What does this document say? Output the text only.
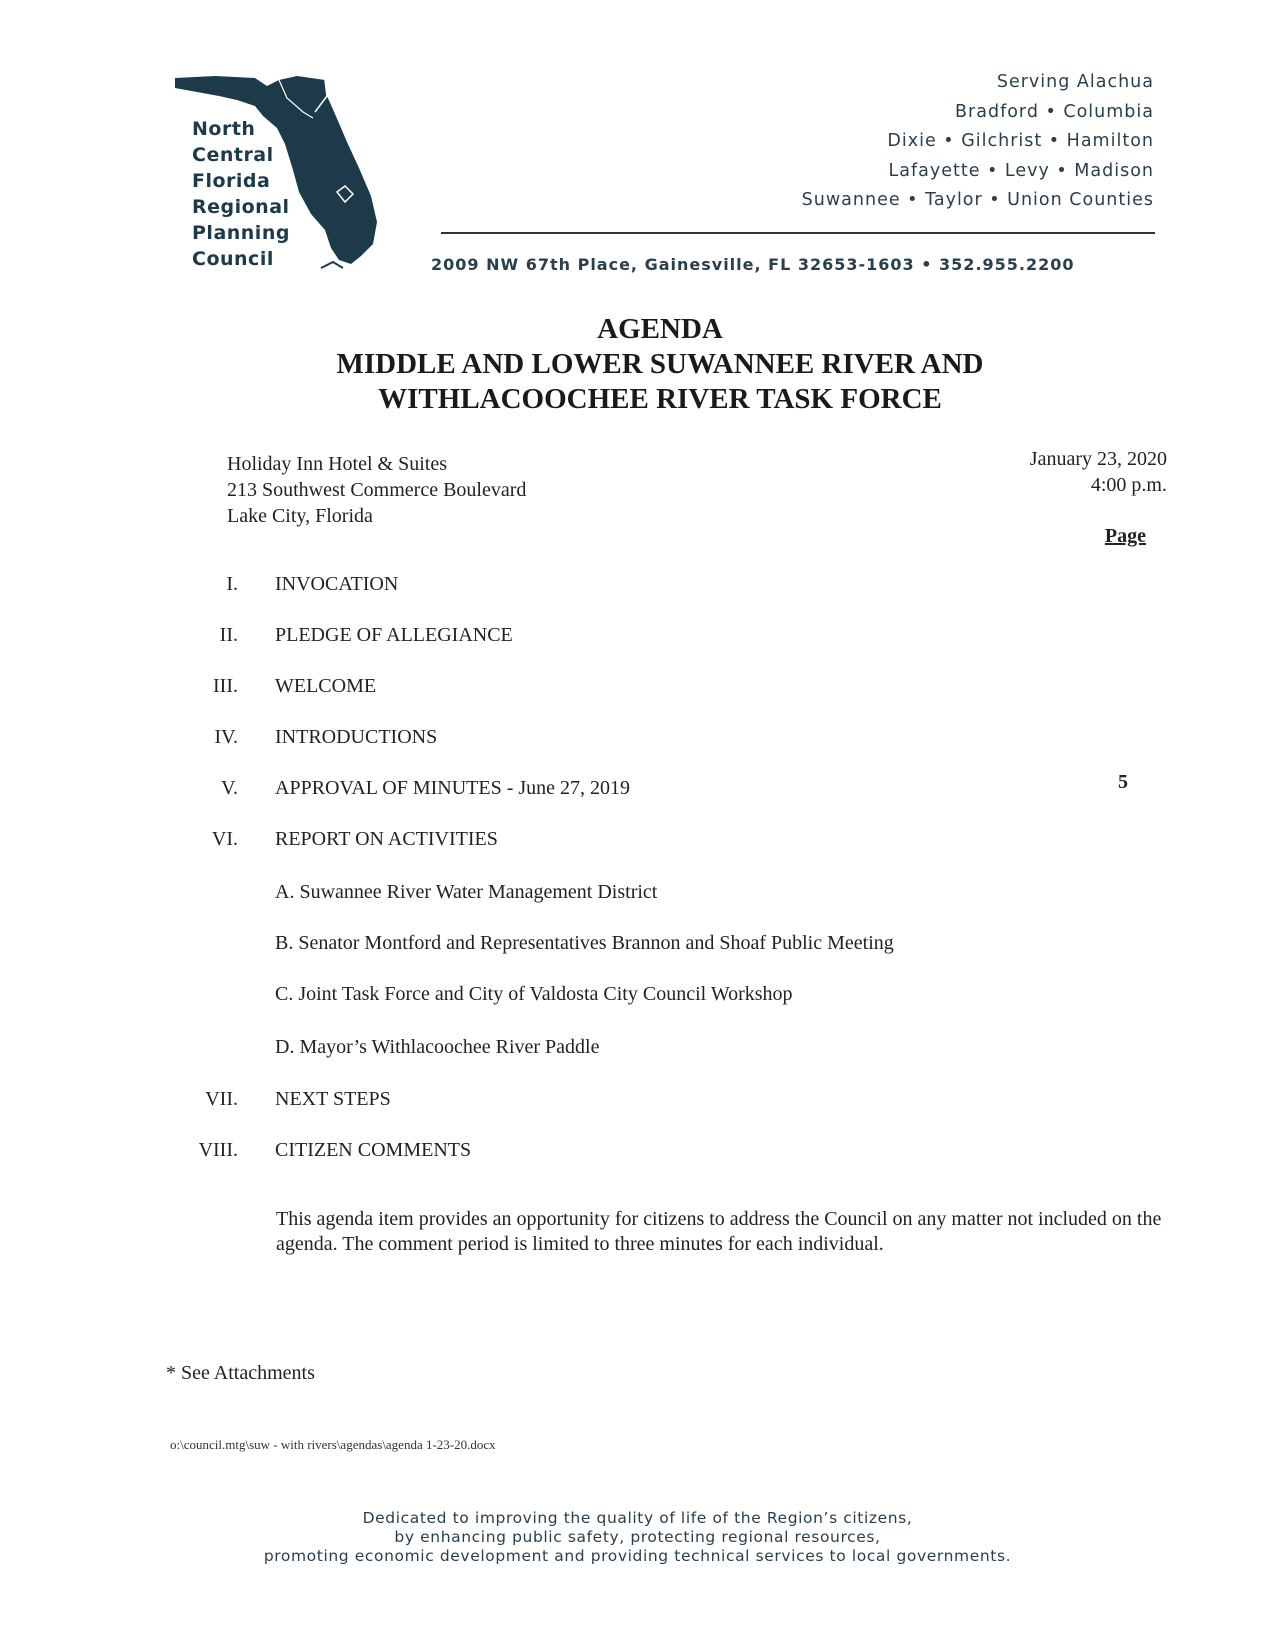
North
Central
Florida
Regional
Planning
Council
Serving Alachua
Bradford • Columbia
Dixie • Gilchrist • Hamilton
Lafayette • Levy • Madison
Suwannee • Taylor • Union Counties
2009 NW 67th Place, Gainesville, FL 32653-1603 • 352.955.2200
AGENDA
MIDDLE AND LOWER SUWANNEE RIVER AND
WITHLACOOCHEE RIVER TASK FORCE
Holiday Inn Hotel & Suites
213 Southwest Commerce Boulevard
Lake City, Florida
January 23, 2020
4:00 p.m.
Page
I. INVOCATION
II. PLEDGE OF ALLEGIANCE
III. WELCOME
IV. INTRODUCTIONS
V. APPROVAL OF MINUTES - June 27, 2019	5
VI. REPORT ON ACTIVITIES
A. Suwannee River Water Management District
B. Senator Montford and Representatives Brannon and Shoaf Public Meeting
C. Joint Task Force and City of Valdosta City Council Workshop
D. Mayor’s Withlacoochee River Paddle
VII. NEXT STEPS
VIII. CITIZEN COMMENTS
This agenda item provides an opportunity for citizens to address the Council on any matter not included on the agenda. The comment period is limited to three minutes for each individual.
* See Attachments
o:\council.mtg\suw - with rivers\agendas\agenda 1-23-20.docx
Dedicated to improving the quality of life of the Region’s citizens,
by enhancing public safety, protecting regional resources,
promoting economic development and providing technical services to local governments.
